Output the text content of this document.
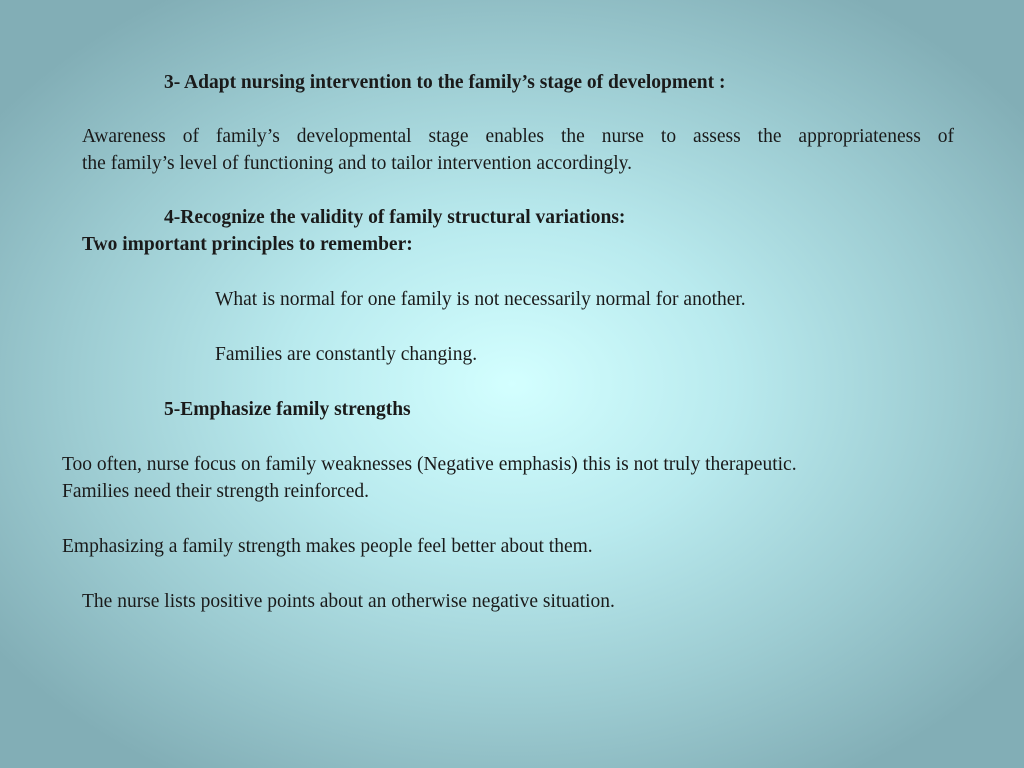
3- Adapt nursing intervention to the family’s stage of development :

Awareness of family’s developmental stage enables the nurse to assess the appropriateness of
the family’s level of functioning and to tailor intervention accordingly.

4-Recognize the validity of family structural variations:

Two important principles to remember:

What is normal for one family is not necessarily normal for another.

Families are constantly changing.

5-Emphasize family strengths

Too often, nurse focus on family weaknesses (Negative emphasis) this is not truly therapeutic.

Families need their strength reinforced.

Emphasizing a family strength makes people feel better about them.

The nurse lists positive points about an otherwise negative situation.
